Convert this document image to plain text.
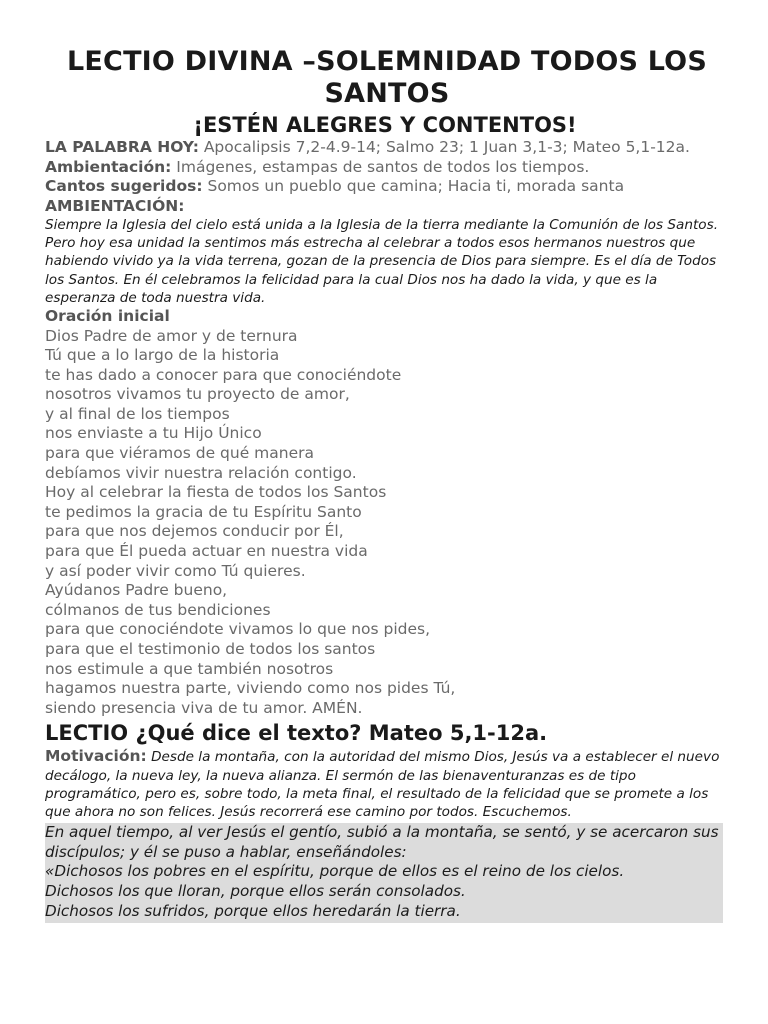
LECTIO DIVINA –SOLEMNIDAD TODOS LOS SANTOS
¡ESTÉN ALEGRES Y CONTENTOS!
LA PALABRA HOY: Apocalipsis 7,2-4.9-14; Salmo 23; 1 Juan 3,1-3; Mateo 5,1-12a.
Ambientación: Imágenes, estampas de santos de todos los tiempos.
Cantos sugeridos: Somos un pueblo que camina; Hacia ti, morada santa
AMBIENTACIÓN:

Siempre la Iglesia del cielo está unida a la Iglesia de la tierra mediante la Comunión de los Santos. Pero hoy esa unidad la sentimos más estrecha al celebrar a todos esos hermanos nuestros que habiendo vivido ya la vida terrena, gozan de la presencia de Dios para siempre. Es el día de Todos los Santos. En él celebramos la felicidad para la cual Dios nos ha dado la vida, y que es la esperanza de toda nuestra vida.

Oración inicial
Dios Padre de amor y de ternura
Tú que a lo largo de la historia
te has dado a conocer para que conociéndote
nosotros vivamos tu proyecto de amor,
y al final de los tiempos
nos enviaste a tu Hijo Único
para que viéramos de qué manera
debíamos vivir nuestra relación contigo.
Hoy al celebrar la fiesta de todos los Santos
te pedimos la gracia de tu Espíritu Santo
para que nos dejemos conducir por Él,
para que Él pueda actuar en nuestra vida
y así poder vivir como Tú quieres.
Ayúdanos Padre bueno,
cólmanos de tus bendiciones
para que conociéndote vivamos lo que nos pides,
para que el testimonio de todos los santos
nos estimule a que también nosotros
hagamos nuestra parte, viviendo como nos pides Tú,
siendo presencia viva de tu amor. AMÉN.
LECTIO ¿Qué dice el texto? Mateo 5,1-12a.
Motivación: Desde la montaña, con la autoridad del mismo Dios, Jesús va a establecer el nuevo decálogo, la nueva ley, la nueva alianza. El sermón de las bienaventuranzas es de tipo programático, pero es, sobre todo, la meta final, el resultado de la felicidad que se promete a los que ahora no son felices. Jesús recorrerá ese camino por todos. Escuchemos.
En aquel tiempo, al ver Jesús el gentío, subió a la montaña, se sentó, y se acercaron sus discípulos; y él se puso a hablar, enseñándoles:
«Dichosos los pobres en el espíritu, porque de ellos es el reino de los cielos.
Dichosos los que lloran, porque ellos serán consolados.
Dichosos los sufridos, porque ellos heredarán la tierra.
